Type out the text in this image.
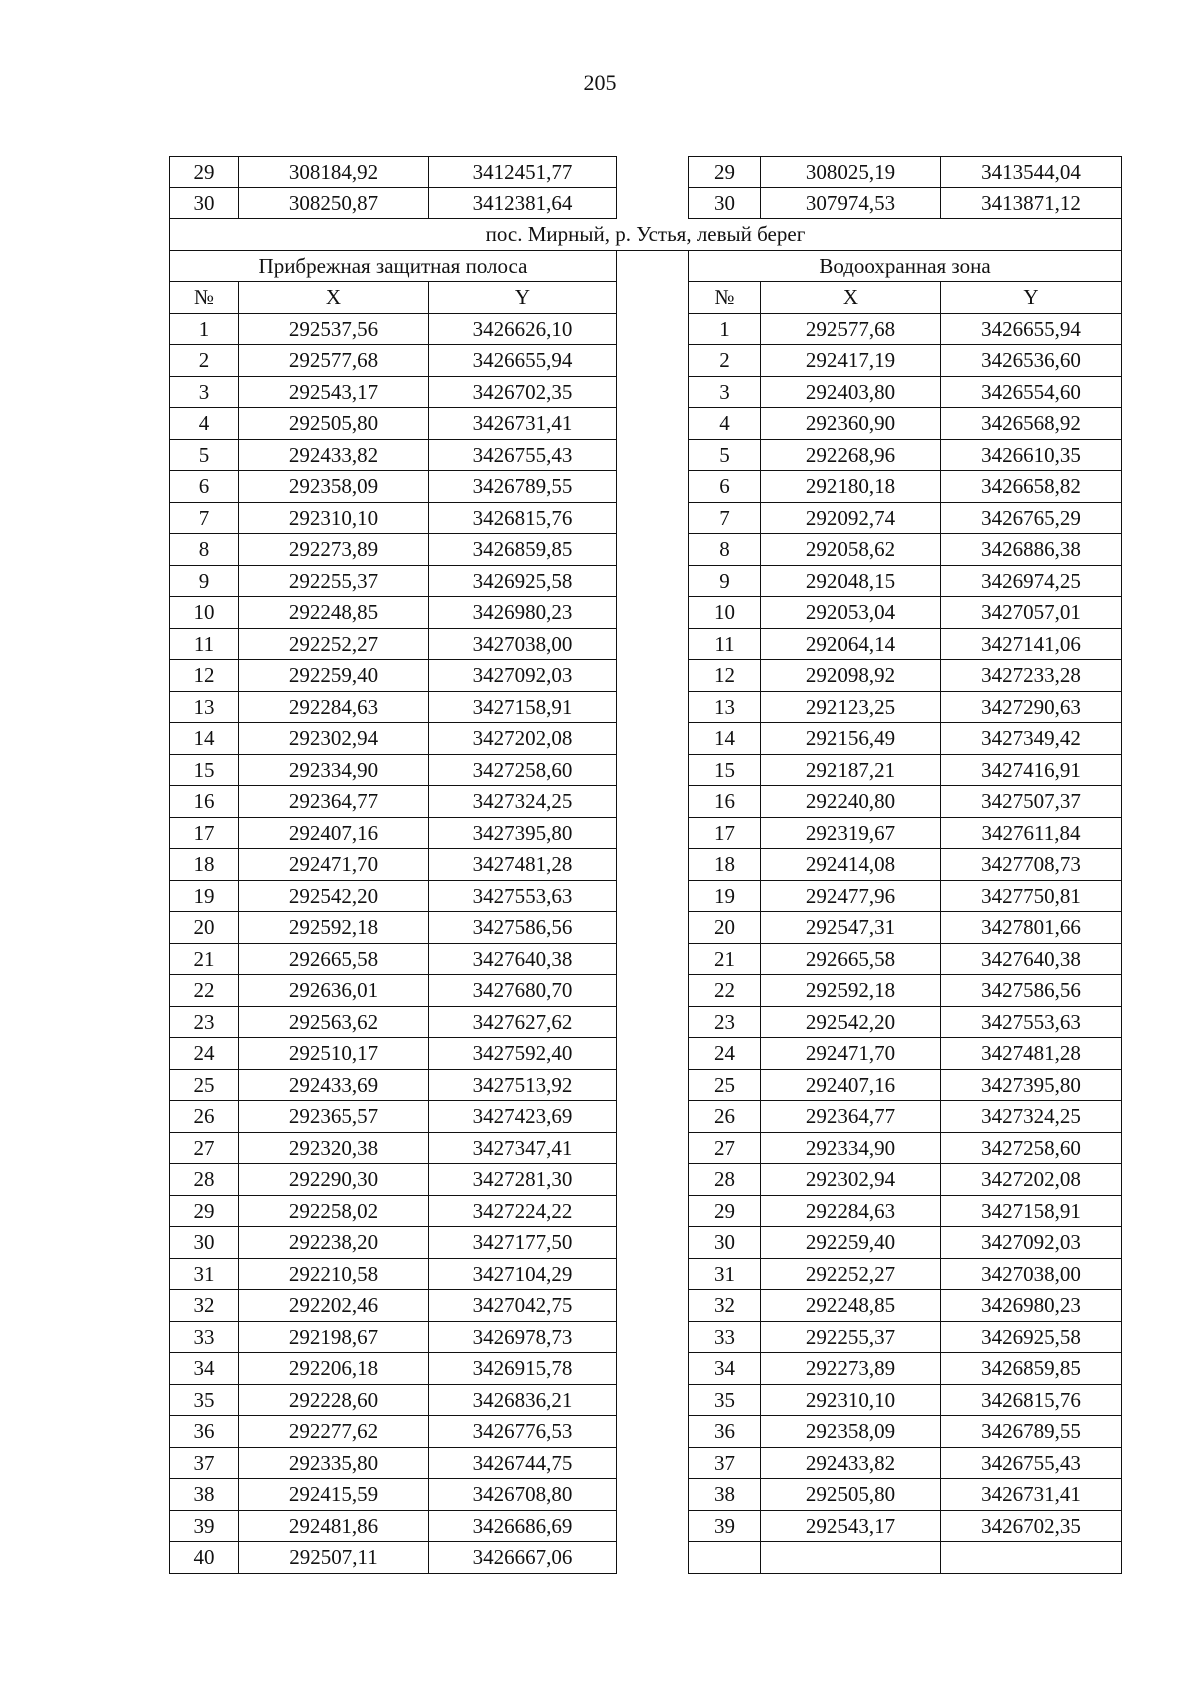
205
29	308184,92	3412451,77	29	308025,19	3413544,04
30	308250,87	3412381,64	30	307974,53	3413871,12
пос. Мирный, р. Устья, левый берег
Прибрежная защитная полоса	Водоохранная зона
№	X	Y	№	X	Y
1	292537,56	3426626,10	1	292577,68	3426655,94
2	292577,68	3426655,94	2	292417,19	3426536,60
3	292543,17	3426702,35	3	292403,80	3426554,60
4	292505,80	3426731,41	4	292360,90	3426568,92
5	292433,82	3426755,43	5	292268,96	3426610,35
6	292358,09	3426789,55	6	292180,18	3426658,82
7	292310,10	3426815,76	7	292092,74	3426765,29
8	292273,89	3426859,85	8	292058,62	3426886,38
9	292255,37	3426925,58	9	292048,15	3426974,25
10	292248,85	3426980,23	10	292053,04	3427057,01
11	292252,27	3427038,00	11	292064,14	3427141,06
12	292259,40	3427092,03	12	292098,92	3427233,28
13	292284,63	3427158,91	13	292123,25	3427290,63
14	292302,94	3427202,08	14	292156,49	3427349,42
15	292334,90	3427258,60	15	292187,21	3427416,91
16	292364,77	3427324,25	16	292240,80	3427507,37
17	292407,16	3427395,80	17	292319,67	3427611,84
18	292471,70	3427481,28	18	292414,08	3427708,73
19	292542,20	3427553,63	19	292477,96	3427750,81
20	292592,18	3427586,56	20	292547,31	3427801,66
21	292665,58	3427640,38	21	292665,58	3427640,38
22	292636,01	3427680,70	22	292592,18	3427586,56
23	292563,62	3427627,62	23	292542,20	3427553,63
24	292510,17	3427592,40	24	292471,70	3427481,28
25	292433,69	3427513,92	25	292407,16	3427395,80
26	292365,57	3427423,69	26	292364,77	3427324,25
27	292320,38	3427347,41	27	292334,90	3427258,60
28	292290,30	3427281,30	28	292302,94	3427202,08
29	292258,02	3427224,22	29	292284,63	3427158,91
30	292238,20	3427177,50	30	292259,40	3427092,03
31	292210,58	3427104,29	31	292252,27	3427038,00
32	292202,46	3427042,75	32	292248,85	3426980,23
33	292198,67	3426978,73	33	292255,37	3426925,58
34	292206,18	3426915,78	34	292273,89	3426859,85
35	292228,60	3426836,21	35	292310,10	3426815,76
36	292277,62	3426776,53	36	292358,09	3426789,55
37	292335,80	3426744,75	37	292433,82	3426755,43
38	292415,59	3426708,80	38	292505,80	3426731,41
39	292481,86	3426686,69	39	292543,17	3426702,35
40	292507,11	3426667,06
